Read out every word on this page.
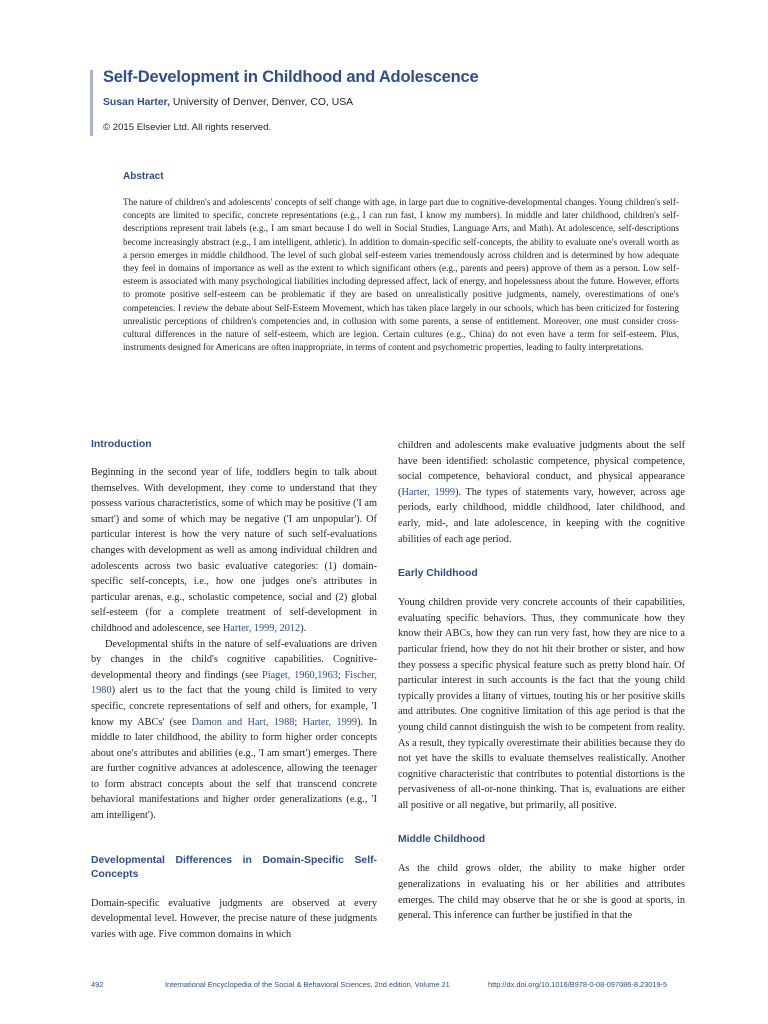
Self-Development in Childhood and Adolescence
Susan Harter, University of Denver, Denver, CO, USA
© 2015 Elsevier Ltd. All rights reserved.
Abstract

The nature of children's and adolescents' concepts of self change with age, in large part due to cognitive-developmental changes. Young children's self-concepts are limited to specific, concrete representations (e.g., I can run fast, I know my numbers). In middle and later childhood, children's self-descriptions represent trait labels (e.g., I am smart because I do well in Social Studies, Language Arts, and Math). At adolescence, self-descriptions become increasingly abstract (e.g., I am intelligent, athletic). In addition to domain-specific self-concepts, the ability to evaluate one's overall worth as a person emerges in middle childhood. The level of such global self-esteem varies tremendously across children and is determined by how adequate they feel in domains of importance as well as the extent to which significant others (e.g., parents and peers) approve of them as a person. Low self-esteem is associated with many psychological liabilities including depressed affect, lack of energy, and hopelessness about the future. However, efforts to promote positive self-esteem can be problematic if they are based on unrealistically positive judgments, namely, overestimations of one's competencies. I review the debate about Self-Esteem Movement, which has taken place largely in our schools, which has been criticized for fostering unrealistic perceptions of children's competencies and, in collusion with some parents, a sense of entitlement. Moreover, one must consider cross-cultural differences in the nature of self-esteem, which are legion. Certain cultures (e.g., China) do not even have a term for self-esteem. Plus, instruments designed for Americans are often inappropriate, in terms of content and psychometric properties, leading to faulty interpretations.

Introduction

Beginning in the second year of life, toddlers begin to talk about themselves. With development, they come to understand that they possess various characteristics, some of which may be positive ('I am smart') and some of which may be negative ('I am unpopular'). Of particular interest is how the very nature of such self-evaluations changes with development as well as among individual children and adolescents across two basic evaluative categories: (1) domain-specific self-concepts, i.e., how one judges one's attributes in particular arenas, e.g., scholastic competence, social and (2) global self-esteem (for a complete treatment of self-development in childhood and adolescence, see Harter, 1999, 2012).

Developmental shifts in the nature of self-evaluations are driven by changes in the child's cognitive capabilities. Cognitive-developmental theory and findings (see Piaget, 1960,1963; Fischer, 1980) alert us to the fact that the young child is limited to very specific, concrete representations of self and others, for example, 'I know my ABCs' (see Damon and Hart, 1988; Harter, 1999). In middle to later childhood, the ability to form higher order concepts about one's attributes and abilities (e.g., 'I am smart') emerges. There are further cognitive advances at adolescence, allowing the teenager to form abstract concepts about the self that transcend concrete behavioral manifestations and higher order generalizations (e.g., 'I am intelligent').

Developmental Differences in Domain-Specific Self-Concepts

Domain-specific evaluative judgments are observed at every developmental level. However, the precise nature of these judgments varies with age. Five common domains in which

children and adolescents make evaluative judgments about the self have been identified: scholastic competence, physical competence, social competence, behavioral conduct, and physical appearance (Harter, 1999). The types of statements vary, however, across age periods, early childhood, middle childhood, later childhood, and early, mid-, and late adolescence, in keeping with the cognitive abilities of each age period.

Early Childhood

Young children provide very concrete accounts of their capabilities, evaluating specific behaviors. Thus, they communicate how they know their ABCs, how they can run very fast, how they are nice to a particular friend, how they do not hit their brother or sister, and how they possess a specific physical feature such as pretty blond hair. Of particular interest in such accounts is the fact that the young child typically provides a litany of virtues, touting his or her positive skills and attributes. One cognitive limitation of this age period is that the young child cannot distinguish the wish to be competent from reality. As a result, they typically overestimate their abilities because they do not yet have the skills to evaluate themselves realistically. Another cognitive characteristic that contributes to potential distortions is the pervasiveness of all-or-none thinking. That is, evaluations are either all positive or all negative, but primarily, all positive.

Middle Childhood

As the child grows older, the ability to make higher order generalizations in evaluating his or her abilities and attributes emerges. The child may observe that he or she is good at sports, in general. This inference can further be justified in that the

492	International Encyclopedia of the Social & Behavioral Sciences, 2nd edition, Volume 21	http://dx.doi.org/10.1016/B978-0-08-097086-8.23019-5
